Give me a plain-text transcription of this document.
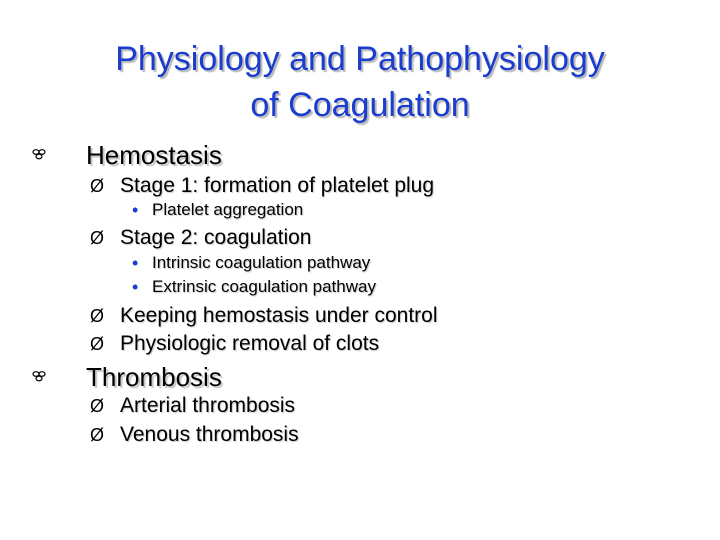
Physiology and Pathophysiology
of Coagulation
Hemostasis
Ø Stage 1: formation of platelet plug
• Platelet aggregation
Ø Stage 2: coagulation
• Intrinsic coagulation pathway
• Extrinsic coagulation pathway
Ø Keeping hemostasis under control
Ø Physiologic removal of clots
Thrombosis
Ø Arterial thrombosis
Ø Venous thrombosis
